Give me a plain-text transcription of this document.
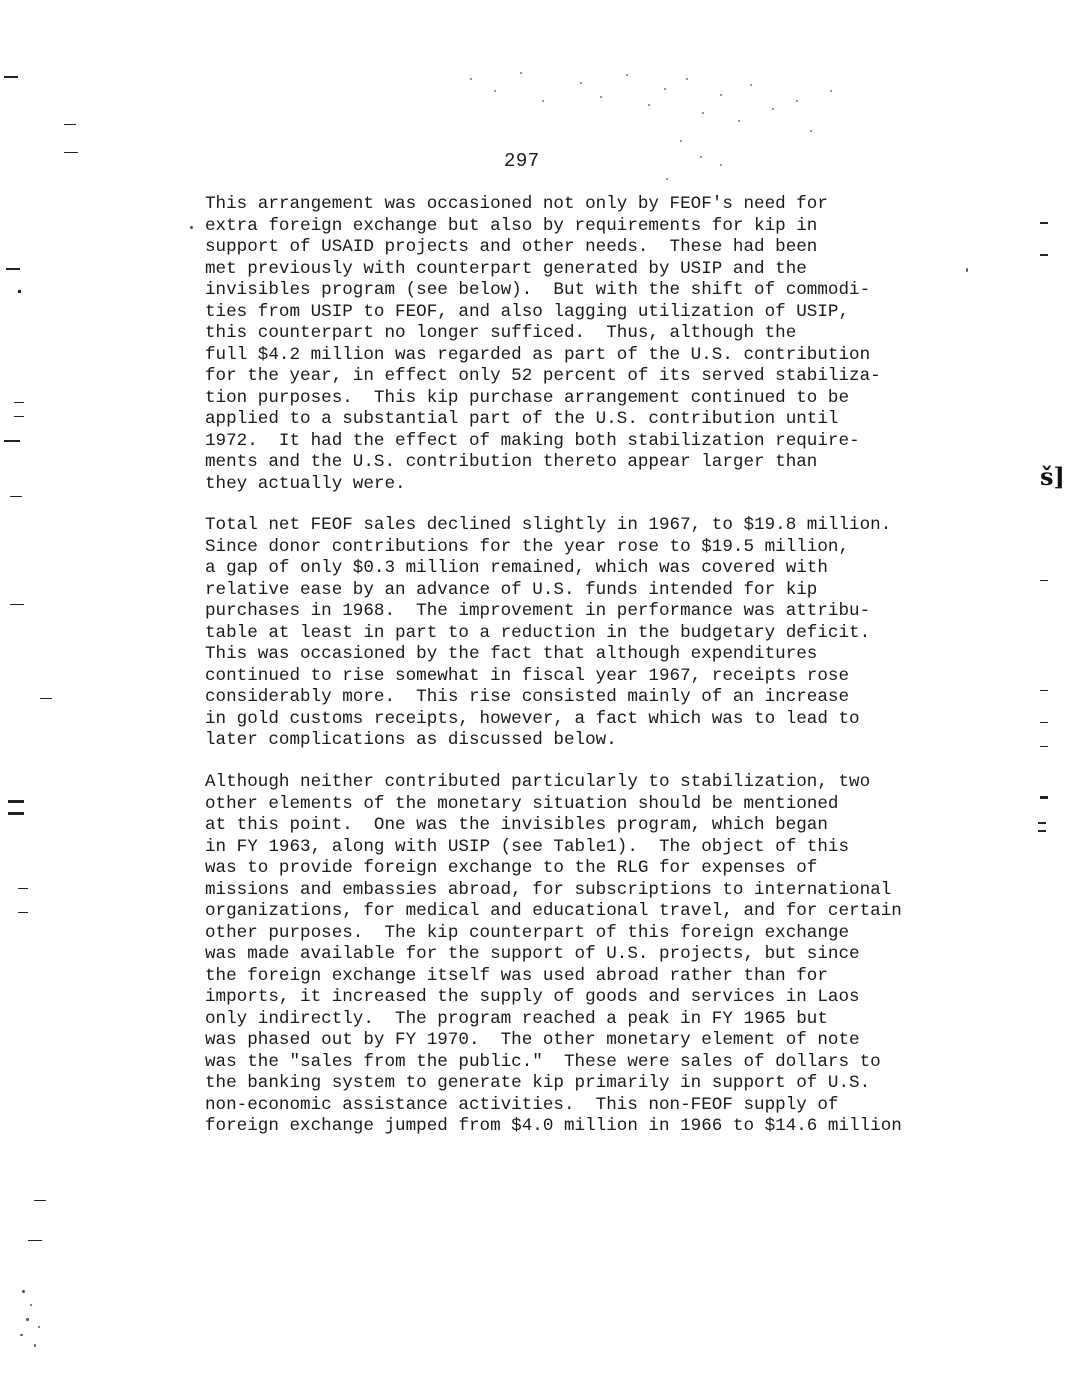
297
This arrangement was occasioned not only by FEOF's need for
extra foreign exchange but also by requirements for kip in
support of USAID projects and other needs.  These had been
met previously with counterpart generated by USIP and the
invisibles program (see below).  But with the shift of commodi-
ties from USIP to FEOF, and also lagging utilization of USIP,
this counterpart no longer sufficed.  Thus, although the
full $4.2 million was regarded as part of the U.S. contribution
for the year, in effect only 52 percent of its served stabiliza-
tion purposes.  This kip purchase arrangement continued to be
applied to a substantial part of the U.S. contribution until
1972.  It had the effect of making both stabilization require-
ments and the U.S. contribution thereto appear larger than
they actually were.
Total net FEOF sales declined slightly in 1967, to $19.8 million.
Since donor contributions for the year rose to $19.5 million,
a gap of only $0.3 million remained, which was covered with
relative ease by an advance of U.S. funds intended for kip
purchases in 1968.  The improvement in performance was attribu-
table at least in part to a reduction in the budgetary deficit.
This was occasioned by the fact that although expenditures
continued to rise somewhat in fiscal year 1967, receipts rose
considerably more.  This rise consisted mainly of an increase
in gold customs receipts, however, a fact which was to lead to
later complications as discussed below.
Although neither contributed particularly to stabilization, two
other elements of the monetary situation should be mentioned
at this point.  One was the invisibles program, which began
in FY 1963, along with USIP (see Table1).  The object of this
was to provide foreign exchange to the RLG for expenses of
missions and embassies abroad, for subscriptions to international
organizations, for medical and educational travel, and for certain
other purposes.  The kip counterpart of this foreign exchange
was made available for the support of U.S. projects, but since
the foreign exchange itself was used abroad rather than for
imports, it increased the supply of goods and services in Laos
only indirectly.  The program reached a peak in FY 1965 but
was phased out by FY 1970.  The other monetary element of note
was the "sales from the public."  These were sales of dollars to
the banking system to generate kip primarily in support of U.S.
non-economic assistance activities.  This non-FEOF supply of
foreign exchange jumped from $4.0 million in 1966 to $14.6 million
š]
